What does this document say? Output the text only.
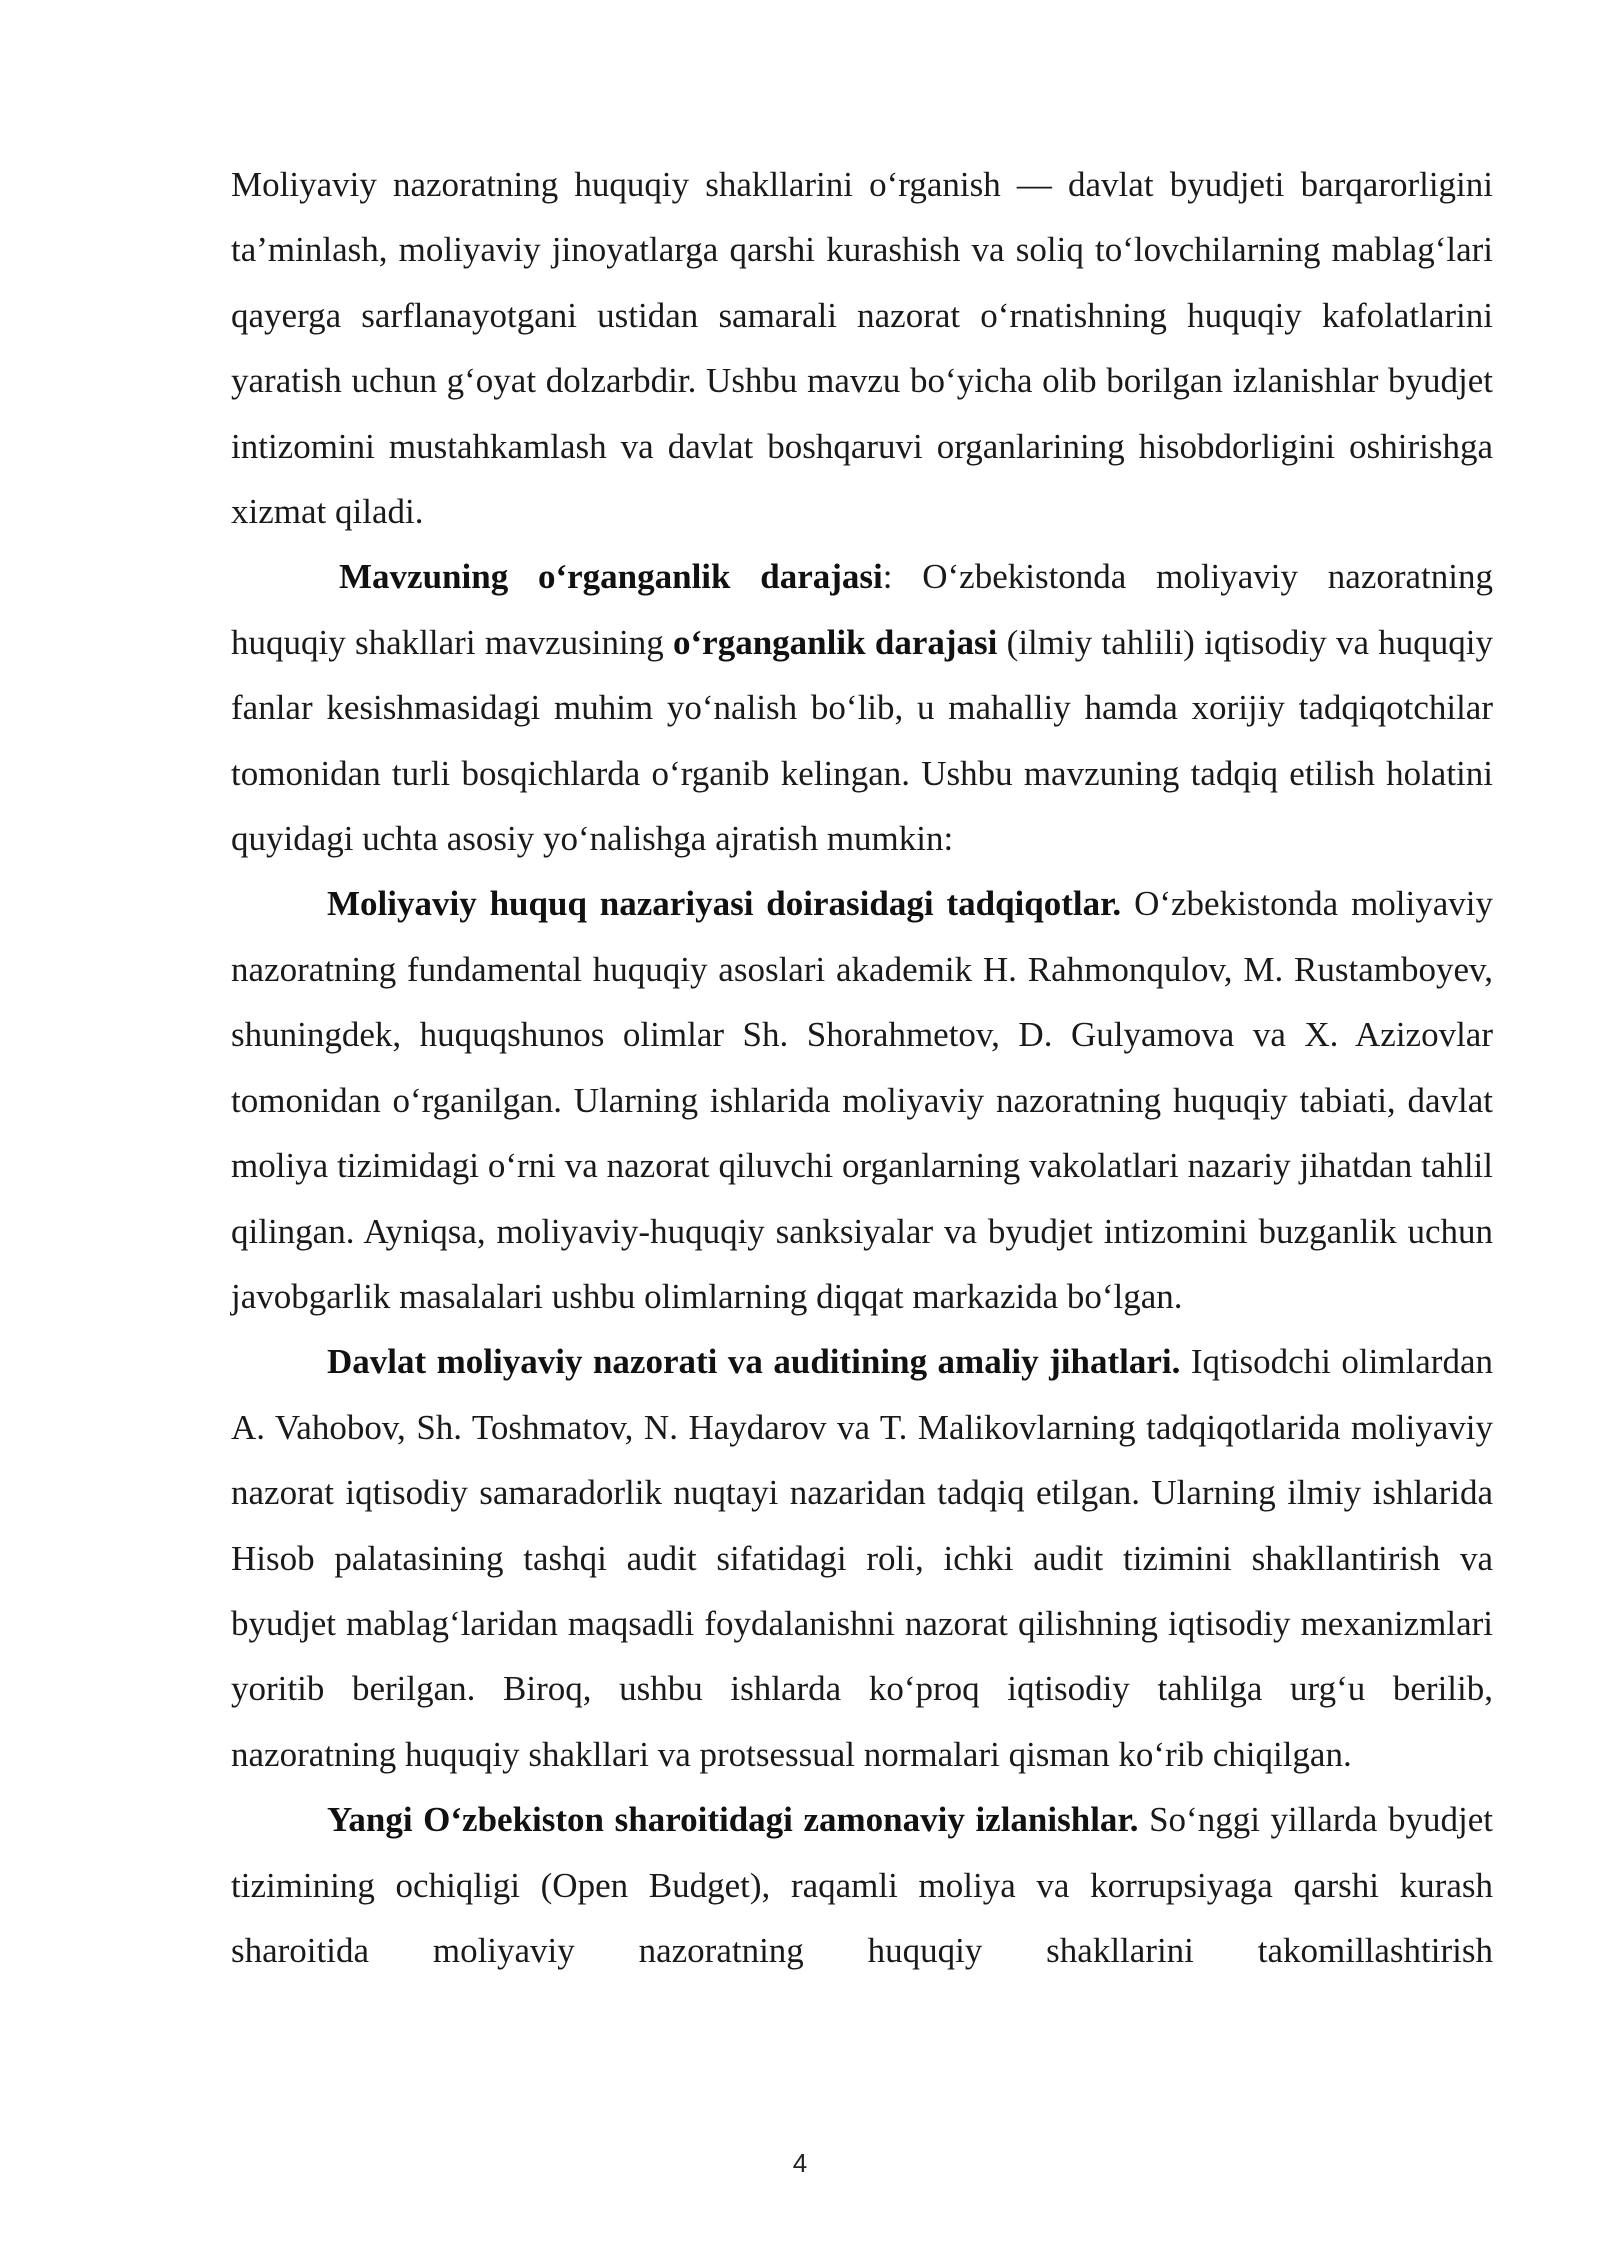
Moliyaviy nazoratning huquqiy shakllarini o‘rganish — davlat byudjeti barqarorligini ta’minlash, moliyaviy jinoyatlarga qarshi kurashish va soliq to‘lovchilarning mablag‘lari qayerga sarflanayotgani ustidan samarali nazorat o‘rnatishning huquqiy kafolatlarini yaratish uchun g‘oyat dolzarbdir. Ushbu mavzu bo‘yicha olib borilgan izlanishlar byudjet intizomini mustahkamlash va davlat boshqaruvi organlarining hisobdorligini oshirishga xizmat qiladi.

Mavzuning o‘rganganlik darajasi: O‘zbekistonda moliyaviy nazoratning huquqiy shakllari mavzusining o‘rganganlik darajasi (ilmiy tahlili) iqtisodiy va huquqiy fanlar kesishmasidagi muhim yo‘nalish bo‘lib, u mahalliy hamda xorijiy tadqiqotchilar tomonidan turli bosqichlarda o‘rganib kelingan. Ushbu mavzuning tadqiq etilish holatini quyidagi uchta asosiy yo‘nalishga ajratish mumkin:

Moliyaviy huquq nazariyasi doirasidagi tadqiqotlar. O‘zbekistonda moliyaviy nazoratning fundamental huquqiy asoslari akademik H. Rahmonqulov, M. Rustamboyev, shuningdek, huquqshunos olimlar Sh. Shorahmetov, D. Gulyamova va X. Azizovlar tomonidan o‘rganilgan. Ularning ishlarida moliyaviy nazoratning huquqiy tabiati, davlat moliya tizimidagi o‘rni va nazorat qiluvchi organlarning vakolatlari nazariy jihatdan tahlil qilingan. Ayniqsa, moliyaviy-huquqiy sanksiyalar va byudjet intizomini buzganlik uchun javobgarlik masalalari ushbu olimlarning diqqat markazida bo‘lgan.

Davlat moliyaviy nazorati va auditining amaliy jihatlari. Iqtisodchi olimlardan A. Vahobov, Sh. Toshmatov, N. Haydarov va T. Malikovlarning tadqiqotlarida moliyaviy nazorat iqtisodiy samaradorlik nuqtayi nazaridan tadqiq etilgan. Ularning ilmiy ishlarida Hisob palatasining tashqi audit sifatidagi roli, ichki audit tizimini shakllantirish va byudjet mablag‘laridan maqsadli foydalanishni nazorat qilishning iqtisodiy mexanizmlari yoritib berilgan. Biroq, ushbu ishlarda ko‘proq iqtisodiy tahlilga urg‘u berilib, nazoratning huquqiy shakllari va protsessual normalari qisman ko‘rib chiqilgan.

Yangi O‘zbekiston sharoitidagi zamonaviy izlanishlar. So‘nggi yillarda byudjet tizimining ochiqligi (Open Budget), raqamli moliya va korrupsiyaga qarshi kurash sharoitida moliyaviy nazoratning huquqiy shakllarini takomillashtirish

4
